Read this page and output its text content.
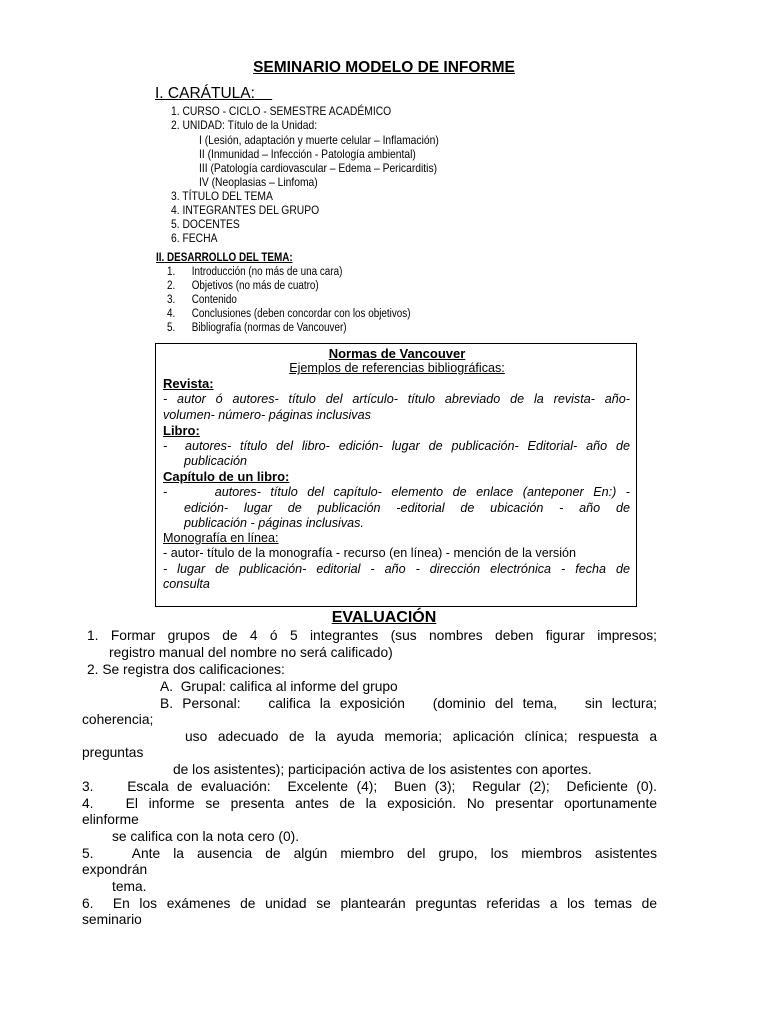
SEMINARIO MODELO DE INFORME
I. CARÁTULA:
1. CURSO - CICLO - SEMESTRE ACADÉMICO
2. UNIDAD: Título de la Unidad:
I (Lesión, adaptación y muerte celular – Inflamación)
II (Inmunidad – Infección - Patología ambiental)
III (Patología cardiovascular – Edema – Pericarditis)
IV (Neoplasias – Linfoma)
3. TÍTULO DEL TEMA
4. INTEGRANTES DEL GRUPO
5. DOCENTES
6. FECHA
II. DESARROLLO DEL TEMA:
1.      Introducción (no más de una cara)
2.      Objetivos (no más de cuatro)
3.      Contenido
4.      Conclusiones (deben concordar con los objetivos)
5.      Bibliografía (normas de Vancouver)
Normas de Vancouver
Ejemplos de referencias bibliográficas:
Revista:
- autor ó autores- título del artículo- título abreviado de la revista- año-
volumen- número- páginas inclusivas
Libro:
-  autores- título del libro- edición- lugar de publicación- Editorial- año de
publicación
Capítulo de un libro:
-     autores- título del capítulo- elemento de enlace (anteponer En:) -
edición- lugar de publicación -editorial de ubicación - año de
publicación - páginas inclusivas.
Monografía en línea:
- autor- título de la monografía - recurso (en línea) - mención de la versión
- lugar de publicación- editorial - año - dirección electrónica - fecha de
consulta
EVALUACIÓN
1. Formar grupos de 4 ó 5 integrantes (sus nombres deben figurar impresos;
registro manual del nombre no será calificado)
2. Se registra dos calificaciones:
A.  Grupal: califica al informe del grupo
B. Personal:   califica la exposición   (dominio del tema,   sin lectura;
coherencia;
uso adecuado de la ayuda memoria; aplicación clínica; respuesta a
preguntas
de los asistentes); participación activa de los asistentes con aportes.
3.    Escala de evaluación:  Excelente (4);  Buen (3);  Regular (2);  Deficiente (0).
4.   El informe se presenta antes de la exposición. No presentar oportunamente
elinforme
se califica con la nota cero (0).
5.   Ante la ausencia de algún miembro del grupo, los miembros asistentes
expondrán
tema.
6.  En los exámenes de unidad se plantearán preguntas referidas a los temas de
seminario
